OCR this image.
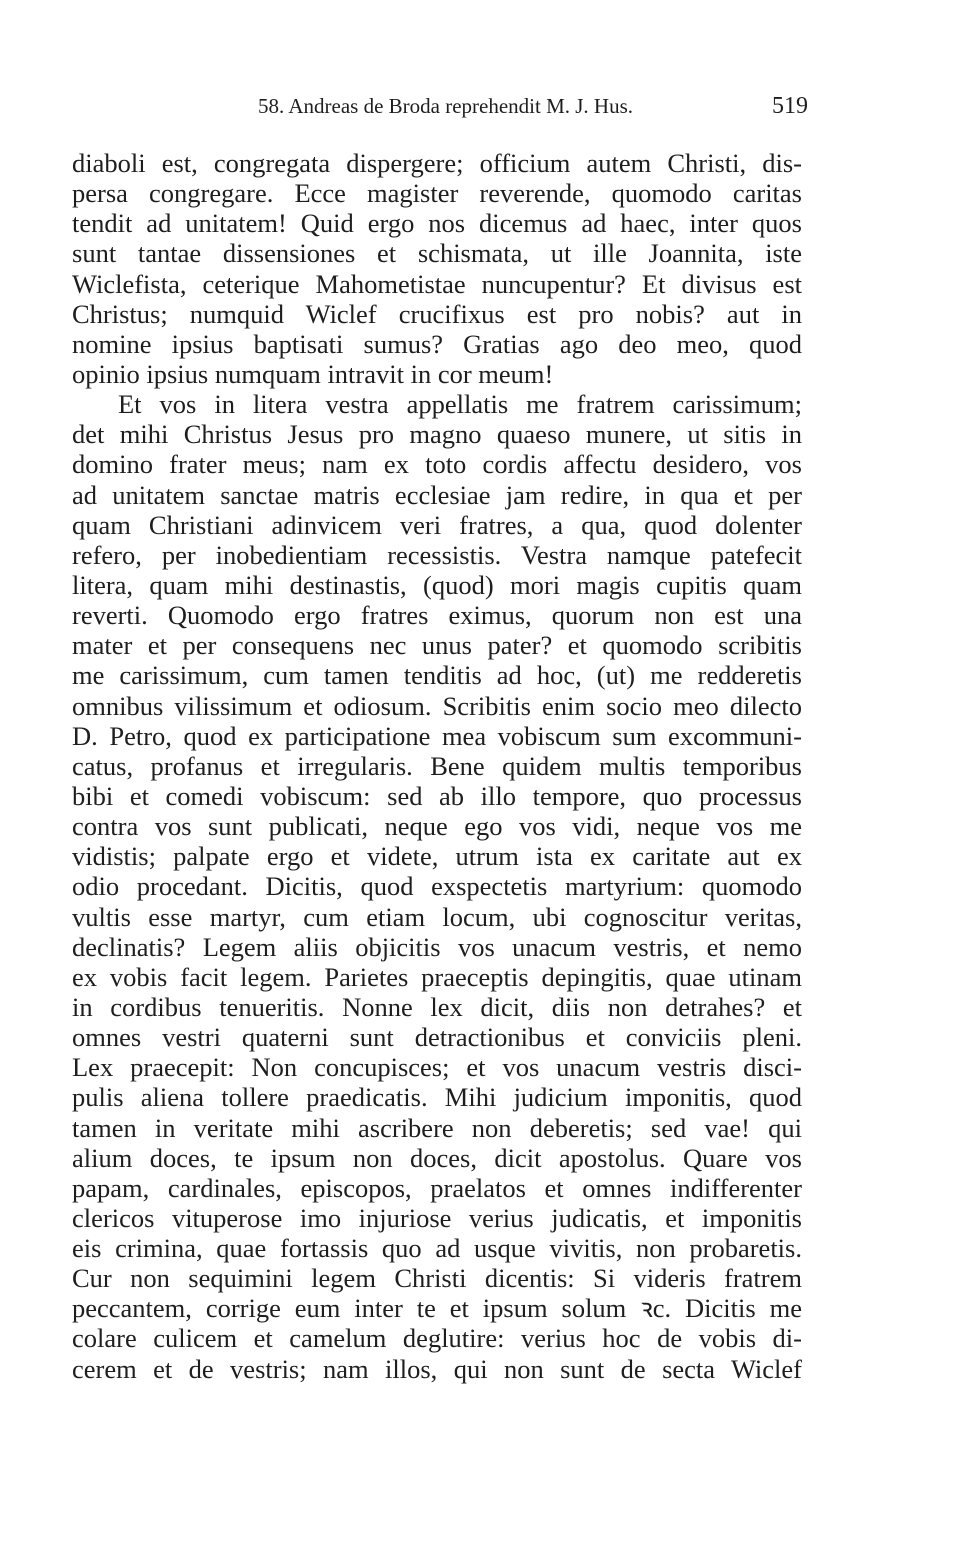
58. Andreas de Broda reprehendit M. J. Hus.	519
diaboli est, congregata dispergere; officium autem Christi, dis-
persa congregare. Ecce magister reverende, quomodo caritas
tendit ad unitatem! Quid ergo nos dicemus ad haec, inter quos
sunt tantae dissensiones et schismata, ut ille Joannita, iste
Wiclefista, ceterique Mahometistae nuncupentur? Et divisus est
Christus; numquid Wiclef crucifixus est pro nobis? aut in
nomine ipsius baptisati sumus? Gratias ago deo meo, quod
opinio ipsius numquam intravit in cor meum!
Et vos in litera vestra appellatis me fratrem carissimum;
det mihi Christus Jesus pro magno quaeso munere, ut sitis in
domino frater meus; nam ex toto cordis affectu desidero, vos
ad unitatem sanctae matris ecclesiae jam redire, in qua et per
quam Christiani adinvicem veri fratres, a qua, quod dolenter
refero, per inobedientiam recessistis. Vestra namque patefecit
litera, quam mihi destinastis, (quod) mori magis cupitis quam
reverti. Quomodo ergo fratres eximus, quorum non est una
mater et per consequens nec unus pater? et quomodo scribitis
me carissimum, cum tamen tenditis ad hoc, (ut) me redderetis
omnibus vilissimum et odiosum. Scribitis enim socio meo dilecto
D. Petro, quod ex participatione mea vobiscum sum excommuni-
catus, profanus et irregularis. Bene quidem multis temporibus
bibi et comedi vobiscum: sed ab illo tempore, quo processus
contra vos sunt publicati, neque ego vos vidi, neque vos me
vidistis; palpate ergo et videte, utrum ista ex caritate aut ex
odio procedant. Dicitis, quod exspectetis martyrium: quomodo
vultis esse martyr, cum etiam locum, ubi cognoscitur veritas,
declinatis? Legem aliis objicitis vos unacum vestris, et nemo
ex vobis facit legem. Parietes praeceptis depingitis, quae utinam
in cordibus tenueritis. Nonne lex dicit, diis non detrahes? et
omnes vestri quaterni sunt detractionibus et conviciis pleni.
Lex praecepit: Non concupisces; et vos unacum vestris disci-
pulis aliena tollere praedicatis. Mihi judicium imponitis, quod
tamen in veritate mihi ascribere non deberetis; sed vae! qui
alium doces, te ipsum non doces, dicit apostolus. Quare vos
papam, cardinales, episcopos, praelatos et omnes indifferenter
clericos vituperose imo injuriose verius judicatis, et imponitis
eis crimina, quae fortassis quo ad usque vivitis, non probaretis.
Cur non sequimini legem Christi dicentis: Si videris fratrem
peccantem, corrige eum inter te et ipsum solum ꝛc. Dicitis me
colare culicem et camelum deglutire: verius hoc de vobis di-
cerem et de vestris; nam illos, qui non sunt de secta Wiclef
